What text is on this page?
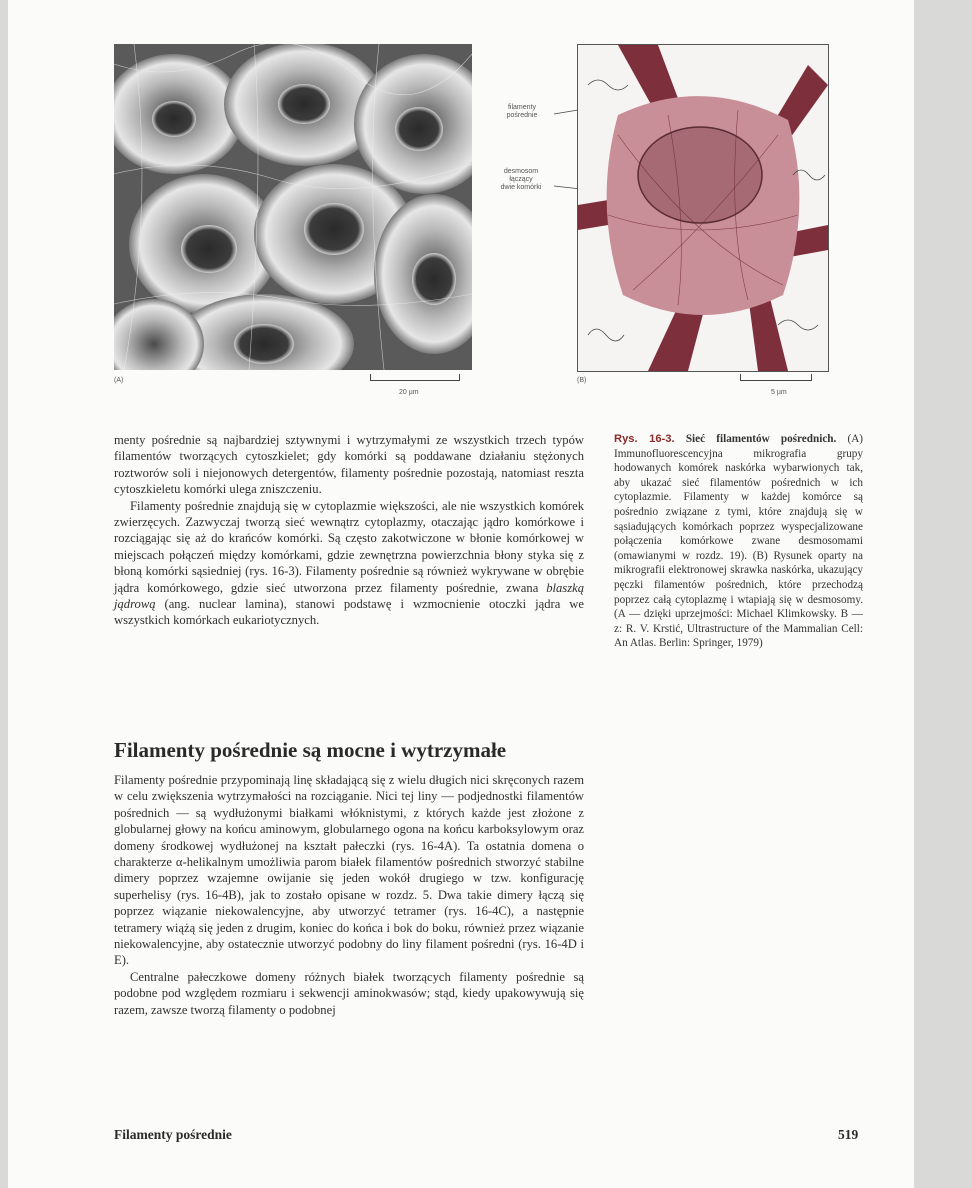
(A)
20 µm
filamenty
pośrednie
desmosom
łączący
dwie komórki
(B)
5 µm

menty pośrednie są najbardziej sztywnymi i wytrzymałymi ze wszystkich trzech typów filamentów tworzących cytoszkielet; gdy komórki są poddawane działaniu stężonych roztworów soli i niejonowych detergentów, filamenty pośrednie pozostają, natomiast reszta cytoszkieletu komórki ulega zniszczeniu.

Filamenty pośrednie znajdują się w cytoplazmie większości, ale nie wszystkich komórek zwierzęcych. Zazwyczaj tworzą sieć wewnątrz cytoplazmy, otaczając jądro komórkowe i rozciągając się aż do krańców komórki. Są często zakotwiczone w błonie komórkowej w miejscach połączeń między komórkami, gdzie zewnętrzna powierzchnia błony styka się z błoną komórki sąsiedniej (rys. 16-3). Filamenty pośrednie są również wykrywane w obrębie jądra komórkowego, gdzie sieć utworzona przez filamenty pośrednie, zwana blaszką jądrową (ang. nuclear lamina), stanowi podstawę i wzmocnienie otoczki jądra we wszystkich komórkach eukariotycznych.

Filamenty pośrednie są mocne i wytrzymałe

Filamenty pośrednie przypominają linę składającą się z wielu długich nici skręconych razem w celu zwiększenia wytrzymałości na rozciąganie. Nici tej liny — podjednostki filamentów pośrednich — są wydłużonymi białkami włóknistymi, z których każde jest złożone z globularnej głowy na końcu aminowym, globularnego ogona na końcu karboksylowym oraz domeny środkowej wydłużonej na kształt pałeczki (rys. 16-4A). Ta ostatnia domena o charakterze α-helikalnym umożliwia parom białek filamentów pośrednich stworzyć stabilne dimery poprzez wzajemne owijanie się jeden wokół drugiego w tzw. konfigurację superhelisy (rys. 16-4B), jak to zostało opisane w rozdz. 5. Dwa takie dimery łączą się poprzez wiązanie niekowalencyjne, aby utworzyć tetramer (rys. 16-4C), a następnie tetramery wiążą się jeden z drugim, koniec do końca i bok do boku, również przez wiązanie niekowalencyjne, aby ostatecznie utworzyć podobny do liny filament pośredni (rys. 16-4D i E).

Centralne pałeczkowe domeny różnych białek tworzących filamenty pośrednie są podobne pod względem rozmiaru i sekwencji aminokwasów; stąd, kiedy upakowywują się razem, zawsze tworzą filamenty o podobnej

Rys. 16-3. Sieć filamentów pośrednich. (A) Immunofluorescencyjna mikrografia grupy hodowanych komórek naskórka wybarwionych tak, aby ukazać sieć filamentów pośrednich w ich cytoplazmie. Filamenty w każdej komórce są pośrednio związane z tymi, które znajdują się w sąsiadujących komórkach poprzez wyspecjalizowane połączenia komórkowe zwane desmosomami (omawianymi w rozdz. 19). (B) Rysunek oparty na mikrografii elektronowej skrawka naskórka, ukazujący pęczki filamentów pośrednich, które przechodzą poprzez całą cytoplazmę i wtapiają się w desmosomy. (A — dzięki uprzejmości: Michael Klimkowsky. B — z: R. V. Krstić, Ultrastructure of the Mammalian Cell: An Atlas. Berlin: Springer, 1979)
Filamenty pośrednie	519
